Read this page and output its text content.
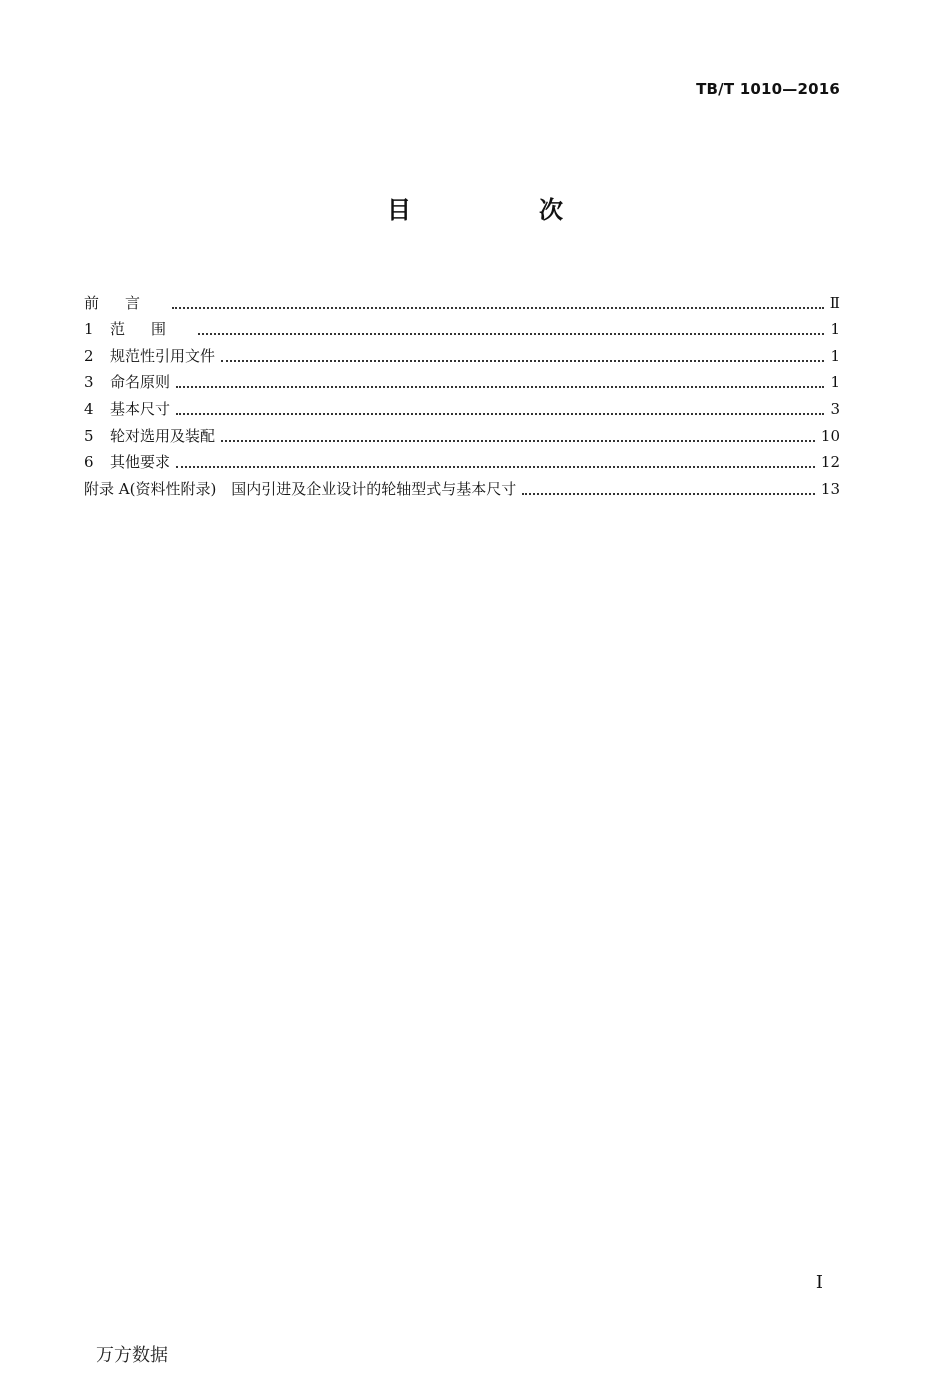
TB/T 1010—2016
目　次
前言	Ⅱ
1	范围	1
2	规范性引用文件	1
3	命名原则	1
4	基本尺寸	3
5	轮对选用及装配	10
6	其他要求	12
附录 A(资料性附录)　国内引进及企业设计的轮轴型式与基本尺寸	13
I
万方数据
